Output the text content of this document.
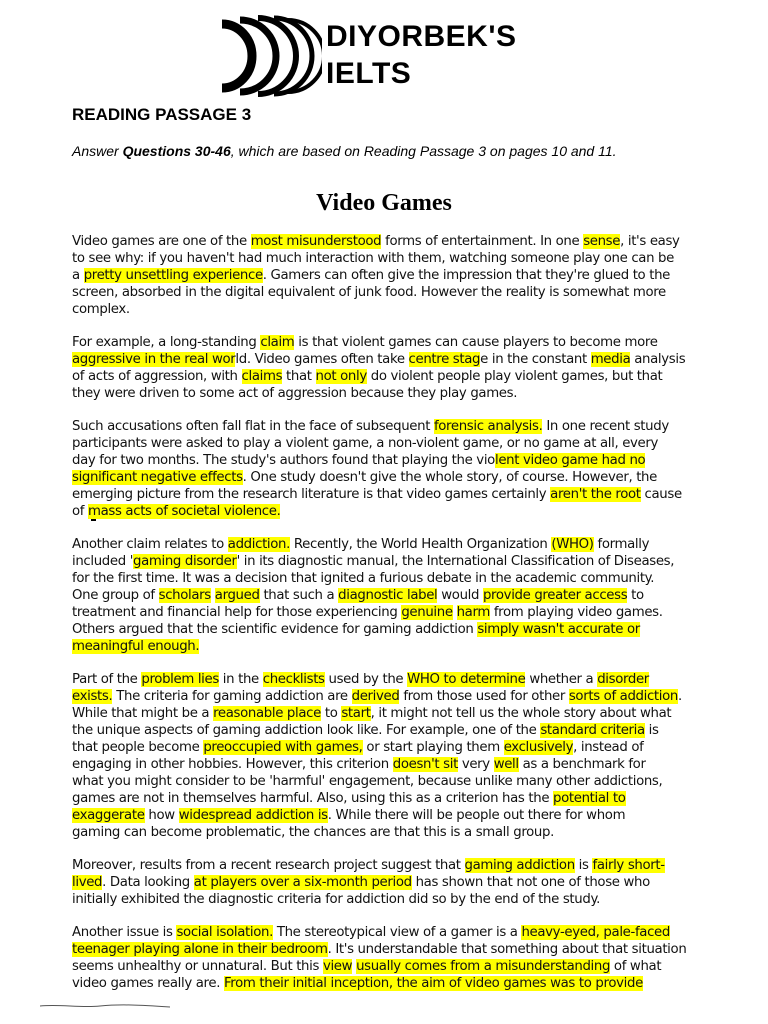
DIYORBEK'S
IELTS
READING PASSAGE 3
Answer Questions 30-46, which are based on Reading Passage 3 on pages 10 and 11.
Video Games
Video games are one of the most misunderstood forms of entertainment. In one sense, it's easy
to see why: if you haven't had much interaction with them, watching someone play one can be
a pretty unsettling experience. Gamers can often give the impression that they're glued to the
screen, absorbed in the digital equivalent of junk food. However the reality is somewhat more
complex.
For example, a long-standing claim is that violent games can cause players to become more
aggressive in the real world. Video games often take centre stage in the constant media analysis
of acts of aggression, with claims that not only do violent people play violent games, but that
they were driven to some act of aggression because they play games.
Such accusations often fall flat in the face of subsequent forensic analysis. In one recent study
participants were asked to play a violent game, a non-violent game, or no game at all, every
day for two months. The study's authors found that playing the violent video game had no
significant negative effects. One study doesn't give the whole story, of course. However, the
emerging picture from the research literature is that video games certainly aren't the root cause
of mass acts of societal violence.
Another claim relates to addiction. Recently, the World Health Organization (WHO) formally
included 'gaming disorder' in its diagnostic manual, the International Classification of Diseases,
for the first time. It was a decision that ignited a furious debate in the academic community.
One group of scholars argued that such a diagnostic label would provide greater access to
treatment and financial help for those experiencing genuine harm from playing video games.
Others argued that the scientific evidence for gaming addiction simply wasn't accurate or
meaningful enough.
Part of the problem lies in the checklists used by the WHO to determine whether a disorder
exists. The criteria for gaming addiction are derived from those used for other sorts of addiction.
While that might be a reasonable place to start, it might not tell us the whole story about what
the unique aspects of gaming addiction look like. For example, one of the standard criteria is
that people become preoccupied with games, or start playing them exclusively, instead of
engaging in other hobbies. However, this criterion doesn't sit very well as a benchmark for
what you might consider to be 'harmful' engagement, because unlike many other addictions,
games are not in themselves harmful. Also, using this as a criterion has the potential to
exaggerate how widespread addiction is. While there will be people out there for whom
gaming can become problematic, the chances are that this is a small group.
Moreover, results from a recent research project suggest that gaming addiction is fairly short-
lived. Data looking at players over a six-month period has shown that not one of those who
initially exhibited the diagnostic criteria for addiction did so by the end of the study.
Another issue is social isolation. The stereotypical view of a gamer is a heavy-eyed, pale-faced
teenager playing alone in their bedroom. It's understandable that something about that situation
seems unhealthy or unnatural. But this view usually comes from a misunderstanding of what
video games really are. From their initial inception, the aim of video games was to provide
